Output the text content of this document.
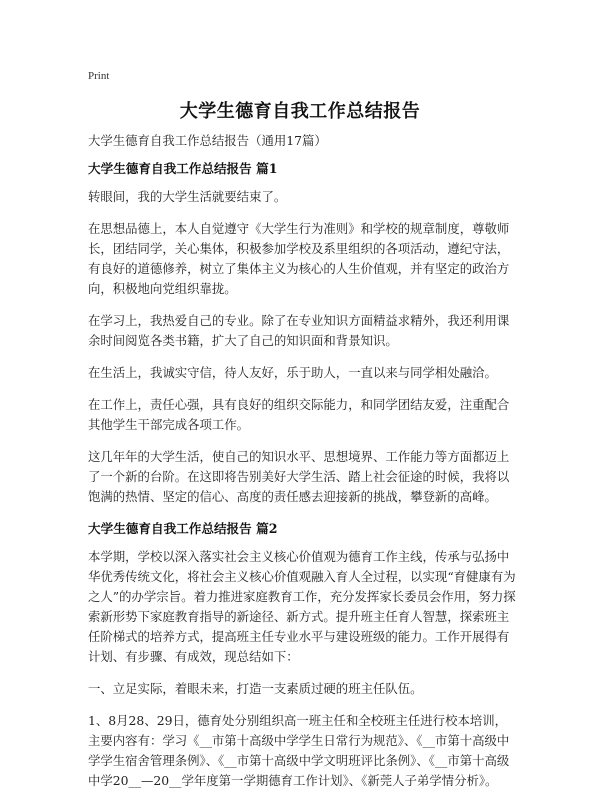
Print
大学生德育自我工作总结报告

大学生德育自我工作总结报告（通用17篇）

大学生德育自我工作总结报告 篇1

转眼间，我的大学生活就要结束了。

在思想品德上，本人自觉遵守《大学生行为准则》和学校的规章制度，尊敬师长，团结同学，关心集体，积极参加学校及系里组织的各项活动，遵纪守法，有良好的道德修养，树立了集体主义为核心的人生价值观，并有坚定的政治方向，积极地向党组织靠拢。

在学习上，我热爱自己的专业。除了在专业知识方面精益求精外，我还利用课余时间阅览各类书籍，扩大了自己的知识面和背景知识。

在生活上，我诚实守信，待人友好，乐于助人，一直以来与同学相处融洽。

在工作上，责任心强，具有良好的组织交际能力，和同学团结友爱，注重配合其他学生干部完成各项工作。

这几年年的大学生活，使自己的知识水平、思想境界、工作能力等方面都迈上了一个新的台阶。在这即将告别美好大学生活、踏上社会征途的时候，我将以饱满的热情、坚定的信心、高度的责任感去迎接新的挑战，攀登新的高峰。

大学生德育自我工作总结报告 篇2

本学期，学校以深入落实社会主义核心价值观为德育工作主线，传承与弘扬中华优秀传统文化，将社会主义核心价值观融入育人全过程，以实现“育健康有为之人”的办学宗旨。着力推进家庭教育工作，充分发挥家长委员会作用，努力探索新形势下家庭教育指导的新途径、新方式。提升班主任育人智慧，探索班主任阶梯式的培养方式，提高班主任专业水平与建设班级的能力。工作开展得有计划、有步骤、有成效，现总结如下：

一、立足实际，着眼未来，打造一支素质过硬的班主任队伍。

1、8月28、29日，德育处分别组织高一班主任和全校班主任进行校本培训，主要内容有：学习《__市第十高级中学学生日常行为规范》、《__市第十高级中学学生宿舍管理条例》、《__市第十高级中学文明班评比条例》、《__市第十高级中学20__—20__学年度第一学期德育工作计划》、《新莞人子弟学情分析》。
